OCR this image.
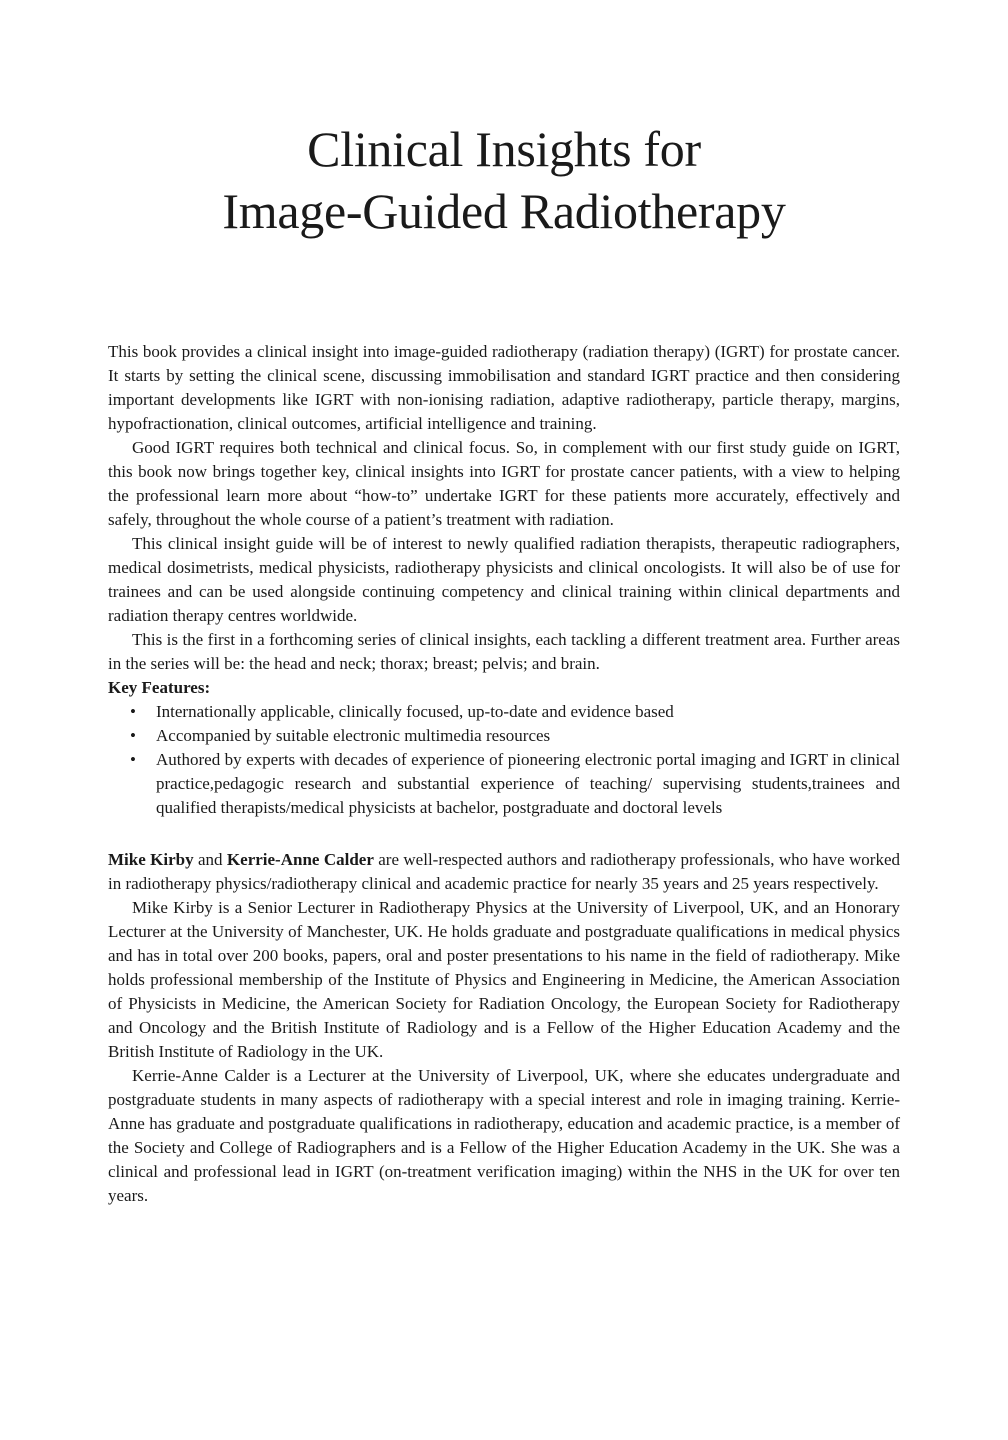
Clinical Insights for
Image-Guided Radiotherapy

This book provides a clinical insight into image-guided radiotherapy (radiation therapy) (IGRT) for prostate cancer. It starts by setting the clinical scene, discussing immobilisation and standard IGRT practice and then considering important developments like IGRT with non-ionising radiation, adaptive radiotherapy, particle therapy, margins, hypofractionation, clinical outcomes, artificial intelligence and training.

Good IGRT requires both technical and clinical focus. So, in complement with our first study guide on IGRT, this book now brings together key, clinical insights into IGRT for prostate cancer patients, with a view to helping the professional learn more about “how-to” undertake IGRT for these patients more accurately, effectively and safely, throughout the whole course of a patient’s treatment with radiation.

This clinical insight guide will be of interest to newly qualified radiation therapists, therapeutic radiographers, medical dosimetrists, medical physicists, radiotherapy physicists and clinical oncologists. It will also be of use for trainees and can be used alongside continuing competency and clinical training within clinical departments and radiation therapy centres worldwide.

This is the first in a forthcoming series of clinical insights, each tackling a different treatment area. Further areas in the series will be: the head and neck; thorax; breast; pelvis; and brain.

Key Features:

• Internationally applicable, clinically focused, up-to-date and evidence based
• Accompanied by suitable electronic multimedia resources
• Authored by experts with decades of experience of pioneering electronic portal imaging and IGRT in clinical practice,pedagogic research and substantial experience of teaching/ supervising students,trainees and qualified therapists/medical physicists at bachelor, postgraduate and doctoral levels

Mike Kirby and Kerrie-Anne Calder are well-respected authors and radiotherapy professionals, who have worked in radiotherapy physics/radiotherapy clinical and academic practice for nearly 35 years and 25 years respectively.

Mike Kirby is a Senior Lecturer in Radiotherapy Physics at the University of Liverpool, UK, and an Honorary Lecturer at the University of Manchester, UK. He holds graduate and postgraduate qualifications in medical physics and has in total over 200 books, papers, oral and poster presentations to his name in the field of radiotherapy. Mike holds professional membership of the Institute of Physics and Engineering in Medicine, the American Association of Physicists in Medicine, the American Society for Radiation Oncology, the European Society for Radiotherapy and Oncology and the British Institute of Radiology and is a Fellow of the Higher Education Academy and the British Institute of Radiology in the UK.

Kerrie-Anne Calder is a Lecturer at the University of Liverpool, UK, where she educates undergraduate and postgraduate students in many aspects of radiotherapy with a special interest and role in imaging training. Kerrie-Anne has graduate and postgraduate qualifications in radiotherapy, education and academic practice, is a member of the Society and College of Radiographers and is a Fellow of the Higher Education Academy in the UK. She was a clinical and professional lead in IGRT (on-treatment verification imaging) within the NHS in the UK for over ten years.
